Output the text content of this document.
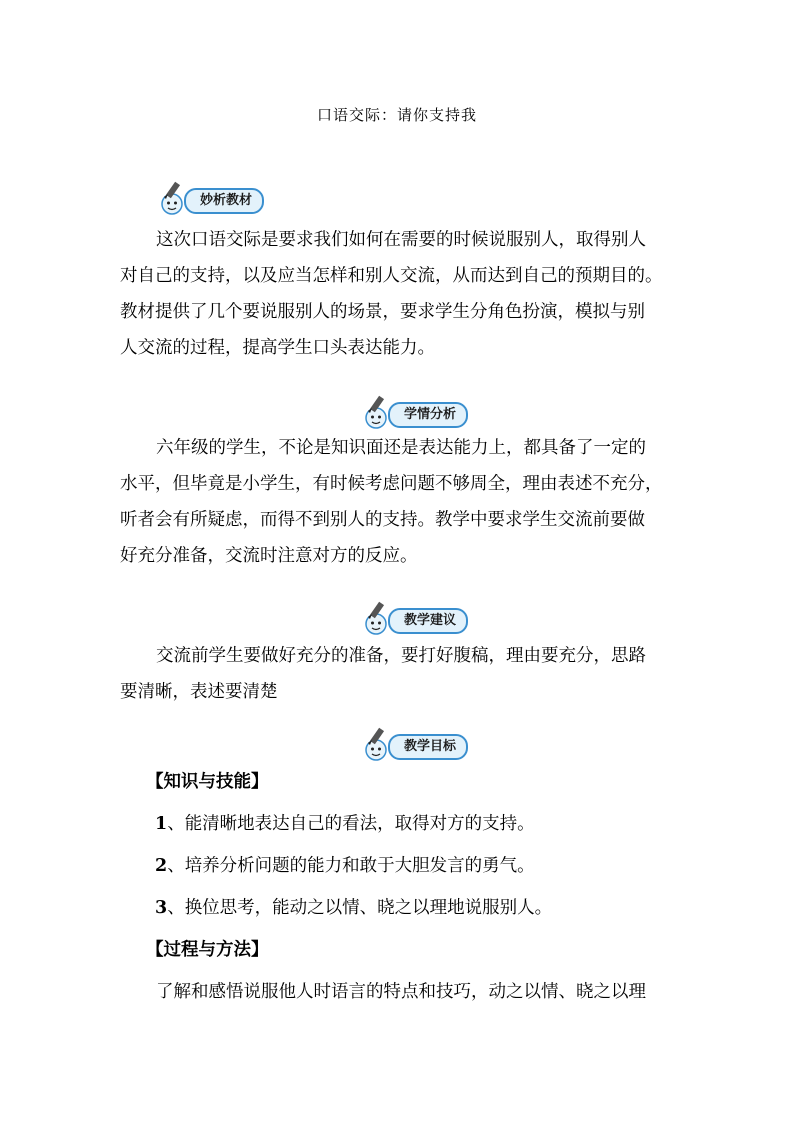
口语交际：请你支持我
妙析教材
这次口语交际是要求我们如何在需要的时候说服别人，取得别人
对自己的支持，以及应当怎样和别人交流，从而达到自己的预期目的。
教材提供了几个要说服别人的场景，要求学生分角色扮演，模拟与别
人交流的过程，提高学生口头表达能力。
学情分析
六年级的学生，不论是知识面还是表达能力上，都具备了一定的
水平，但毕竟是小学生，有时候考虑问题不够周全，理由表述不充分，
听者会有所疑虑，而得不到别人的支持。教学中要求学生交流前要做
好充分准备，交流时注意对方的反应。
教学建议
交流前学生要做好充分的准备，要打好腹稿，理由要充分，思路
要清晰，表述要清楚
教学目标
【知识与技能】
1、能清晰地表达自己的看法，取得对方的支持。
2、培养分析问题的能力和敢于大胆发言的勇气。
3、换位思考，能动之以情、晓之以理地说服别人。
【过程与方法】
了解和感悟说服他人时语言的特点和技巧，动之以情、晓之以理
